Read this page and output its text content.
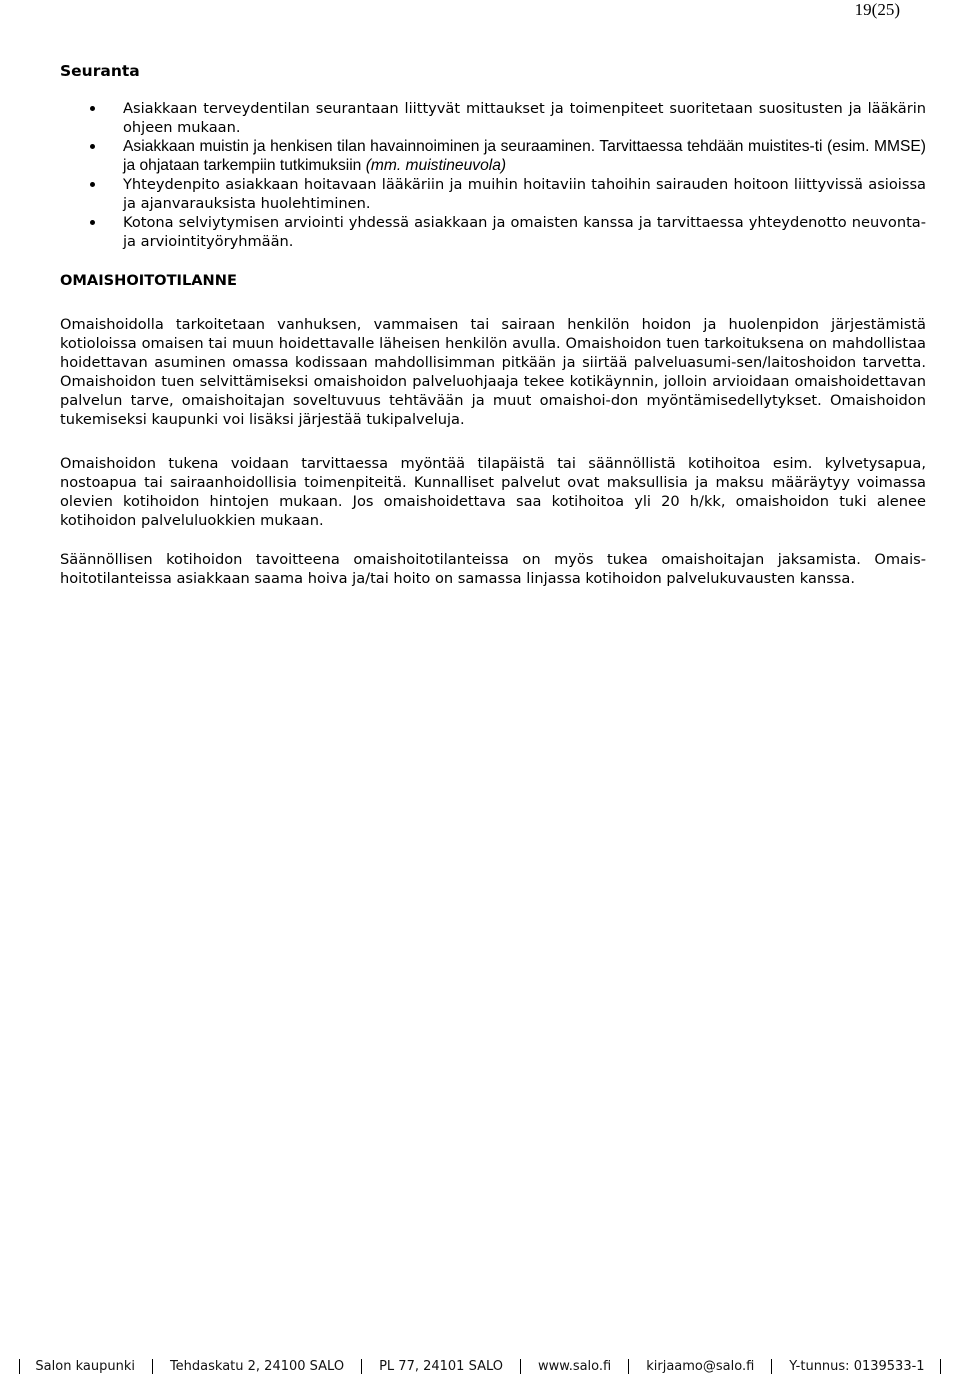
19(25)
Seuranta
Asiakkaan terveydentilan seurantaan liittyvät mittaukset ja toimenpiteet suoritetaan suositusten ja lääkärin ohjeen mukaan.
Asiakkaan muistin ja henkisen tilan havainnoiminen ja seuraaminen. Tarvittaessa tehdään muistites-ti (esim. MMSE) ja ohjataan tarkempiin tutkimuksiin (mm. muistineuvola)
Yhteydenpito asiakkaan hoitavaan lääkäriin ja muihin hoitaviin tahoihin sairauden hoitoon liittyvissä asioissa ja ajanvarauksista huolehtiminen.
Kotona selviytymisen arviointi yhdessä asiakkaan ja omaisten kanssa ja tarvittaessa yhteydenotto neuvonta- ja arviointityöryhmään.
OMAISHOITOTILANNE

Omaishoidolla tarkoitetaan vanhuksen, vammaisen tai sairaan henkilön hoidon ja huolenpidon järjestämistä kotioloissa omaisen tai muun hoidettavalle läheisen henkilön avulla. Omaishoidon tuen tarkoituksena on mahdollistaa hoidettavan asuminen omassa kodissaan mahdollisimman pitkään ja siirtää palveluasumi-sen/laitoshoidon tarvetta. Omaishoidon tuen selvittämiseksi omaishoidon palveluohjaaja tekee kotikäynnin, jolloin arvioidaan omaishoidettavan palvelun tarve, omaishoitajan soveltuvuus tehtävään ja muut omaishoi-don myöntämisedellytykset. Omaishoidon tukemiseksi kaupunki voi lisäksi järjestää tukipalveluja.

Omaishoidon tukena voidaan tarvittaessa myöntää tilapäistä tai säännöllistä kotihoitoa esim. kylvetysapua, nostoapua tai sairaanhoidollisia toimenpiteitä. Kunnalliset palvelut ovat maksullisia ja maksu määräytyy voimassa olevien kotihoidon hintojen mukaan. Jos omaishoidettava saa kotihoitoa yli 20 h/kk, omaishoidon tuki alenee kotihoidon palveluluokkien mukaan.

Säännöllisen kotihoidon tavoitteena omaishoitotilanteissa on myös tukea omaishoitajan jaksamista. Omais-hoitotilanteissa asiakkaan saama hoiva ja/tai hoito on samassa linjassa kotihoidon palvelukuvausten kanssa.

Salon kaupunki	Tehdaskatu 2, 24100 SALO	PL 77, 24101 SALO	www.salo.fi	kirjaamo@salo.fi	Y-tunnus: 0139533-1
